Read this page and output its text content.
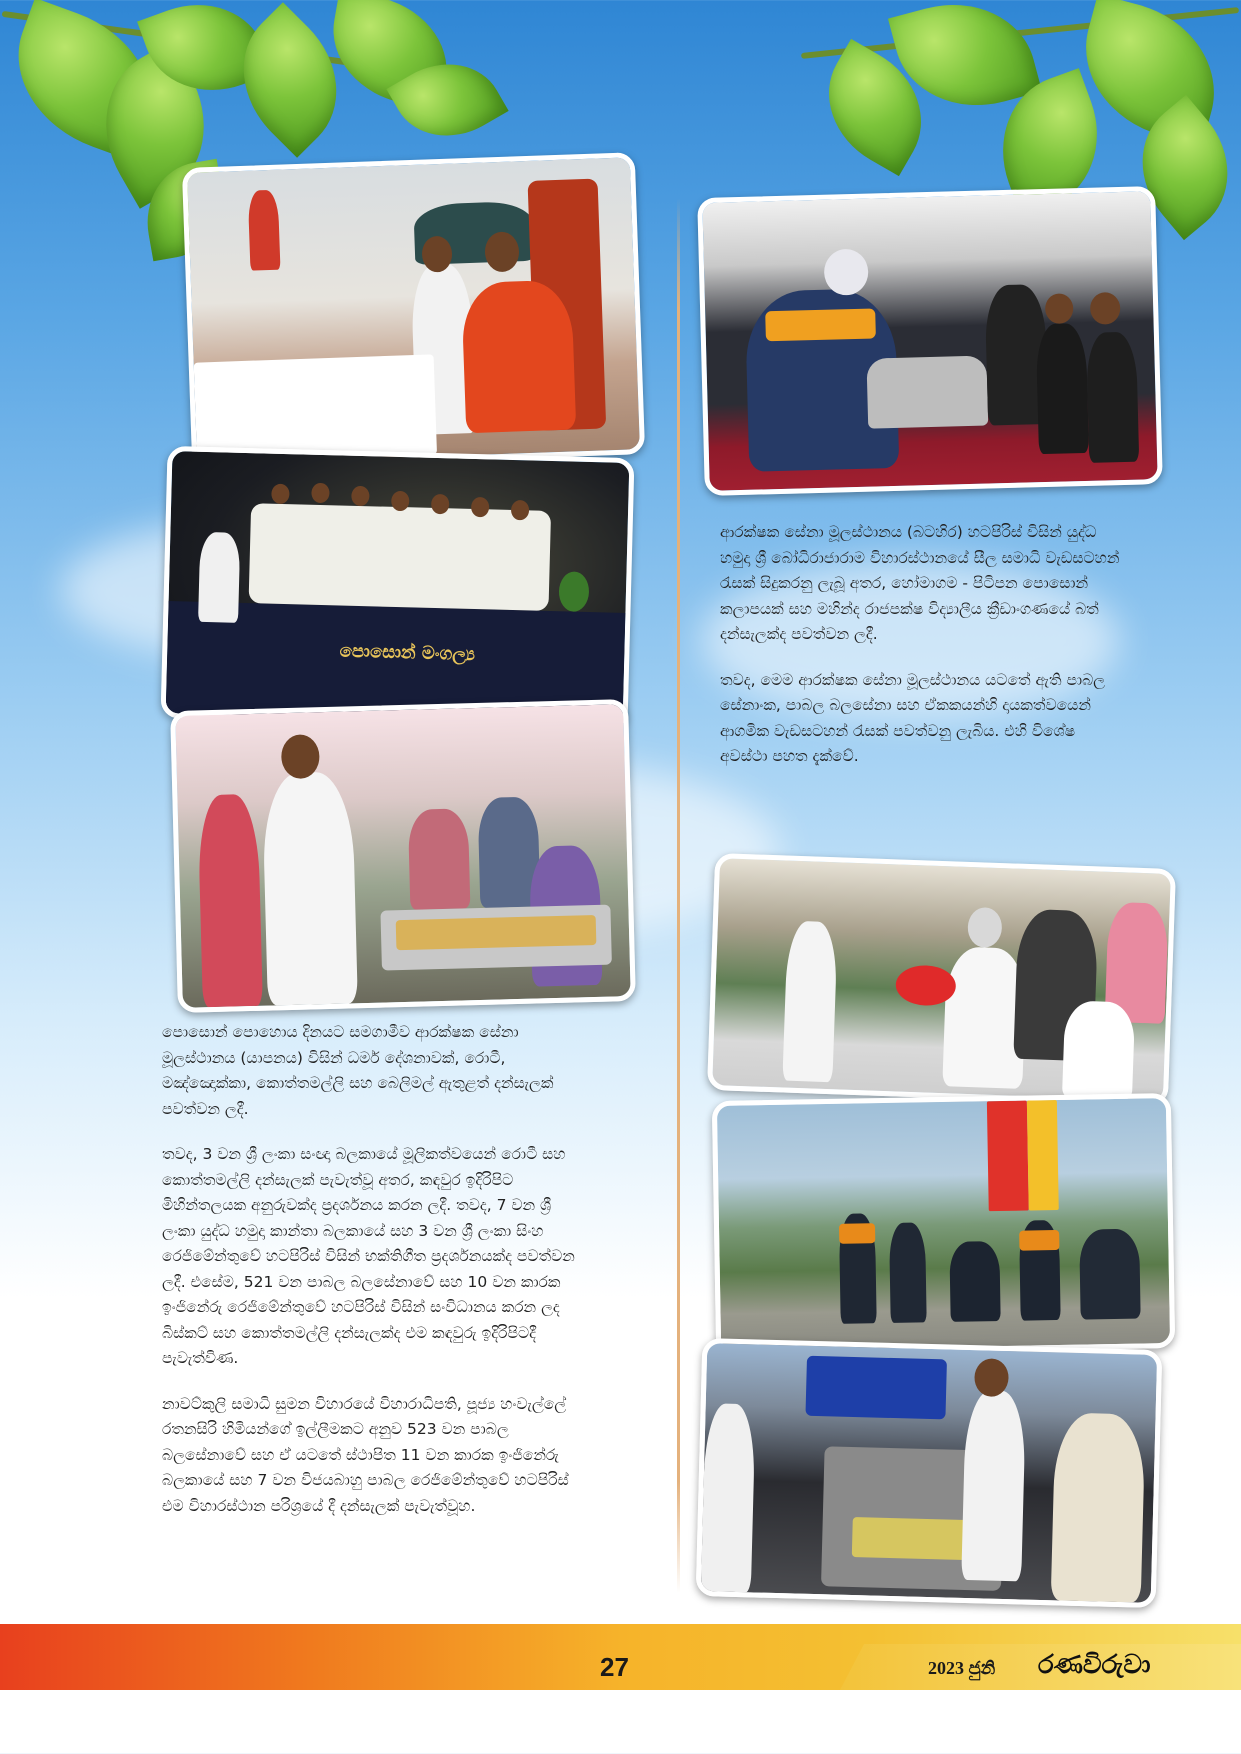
පොසොන් මංගල්‍ය

පොසොන් පොහොය දිනයට සමගාමීව ආරක්ෂක සේනා මූලස්ථානය (යාපනය) විසින් ධර්ම දේශනාවක්, රොටී, මඤ්ඤොක්කා, කොත්තමල්ලි සහ බෙලිමල් ඇතුළත් දන්සැලක් පවත්වන ලදී.

තවද, 3 වන ශ්‍රී ලංකා සංඥා බලකායේ මූලිකත්වයෙන් රොටී සහ කොත්තමල්ලි දන්සැලක් පැවැත්වූ අතර, කඳවුර ඉදිරිපිට මිහින්තලයක අනුරුවක්ද ප්‍රදර්ශනය කරන ලදී. තවද, 7 වන ශ්‍රී ලංකා යුද්ධ හමුදා කාන්තා බලකායේ සහ 3 වන ශ්‍රී ලංකා සිංහ රෙජිමේන්තුවේ හටපිරිස් විසින් භක්තිගීත ප්‍රදර්ශනයක්ද පවත්වන ලදී. එසේම, 521 වන පාබල බලසේනාවේ සහ 10 වන කාරක ඉංජිනේරු රෙජිමේන්තුවේ හටපිරිස් විසින් සංවිධානය කරන ලද බිස්කට් සහ කොත්තමල්ලි දන්සැලක්ද එම කඳවුරු ඉදිරිපිටදී පැවැත්විණ.

නාවට්කුලි සමාධි සුමන විහාරයේ විහාරාධිපති, පූජ්‍ය හංවැල්ලේ රතනසිරි හිමියන්ගේ ඉල්ලීමකට අනුව 523 වන පාබල බලසේනාවේ සහ ඒ යටතේ ස්ථාපිත 11 වන කාරක ඉංජිනේරු බලකායේ සහ 7 වන විජයබාහු පාබල රෙජිමේන්තුවේ හටපිරිස් එම විහාරස්ථාන පරිශ්‍රයේ දී දන්සැලක් පැවැත්වූහ.

ආරක්ෂක සේනා මූලස්ථානය (බටහිර) හටපිරිස් විසින් යුද්ධ හමුදා ශ්‍රී බෝධිරාජාරාම විහාරස්ථානයේ සීල සමාධි වැඩසටහන් රැසක් සිදුකරනු ලැබූ අතර, හෝමාගම - පිටිපන පොසොන් කලාපයක් සහ මහින්ද රාජපක්ෂ විද්‍යාලීය ක්‍රීඩාංගණයේ බත් දන්සැලක්ද පවත්වන ලදී.

තවද, මෙම ආරක්ෂක සේනා මූලස්ථානය යටතේ ඇති පාබල සේනාංක, පාබල බලසේනා සහ ඒකකයන්හි දායකත්වයෙන් ආගමික වැඩසටහන් රැසක් පවත්වනු ලැබිය. එහි විශේෂ අවස්ථා පහත දැක්වේ.

27	2023 ජුනි රණවිරුවා
